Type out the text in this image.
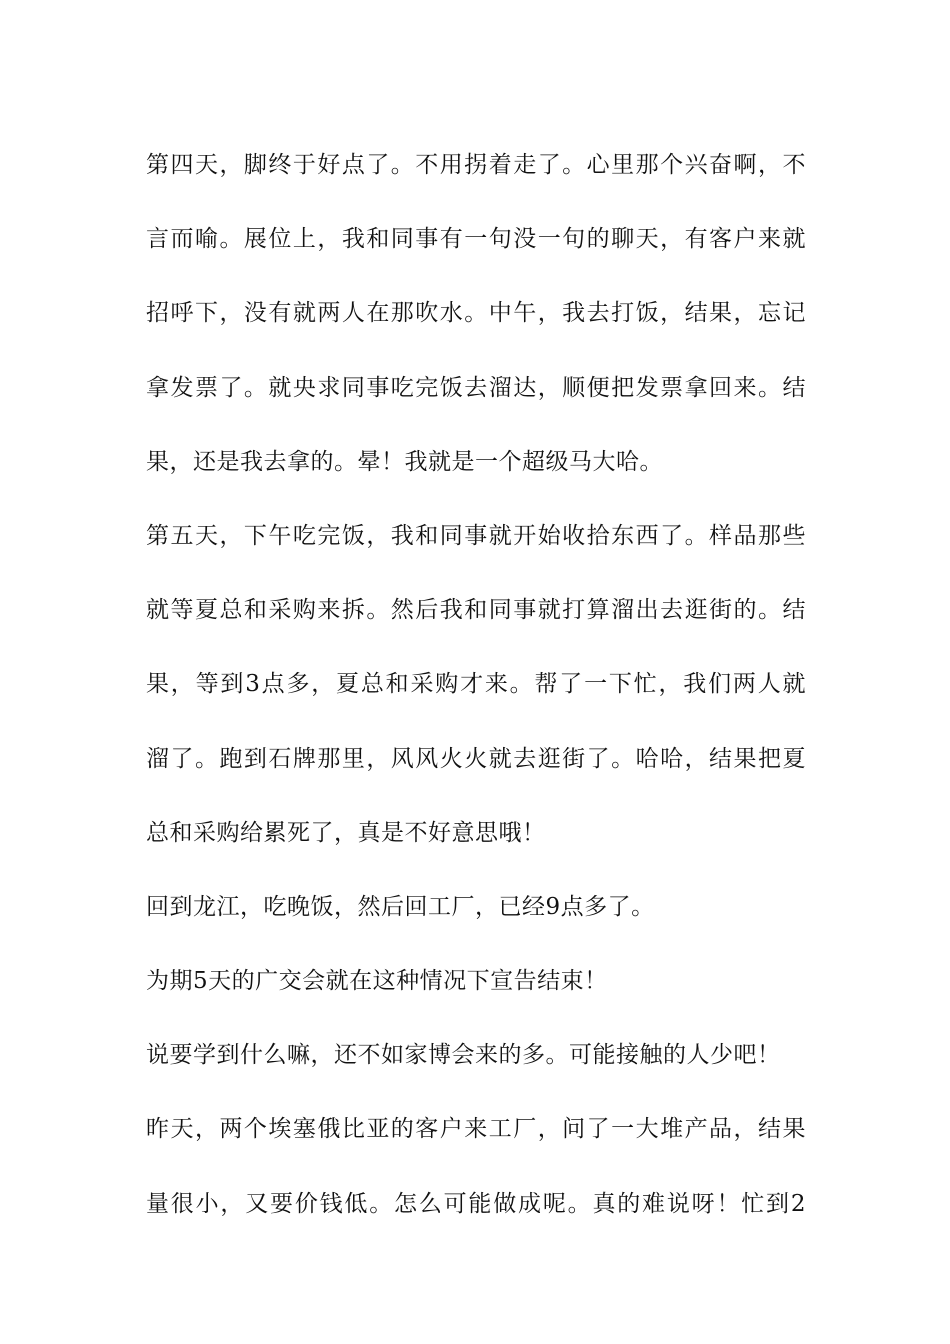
第四天，脚终于好点了。不用拐着走了。心里那个兴奋啊，不
言而喻。展位上，我和同事有一句没一句的聊天，有客户来就
招呼下，没有就两人在那吹水。中午，我去打饭，结果，忘记
拿发票了。就央求同事吃完饭去溜达，顺便把发票拿回来。结
果，还是我去拿的。晕！我就是一个超级马大哈。
第五天，下午吃完饭，我和同事就开始收拾东西了。样品那些
就等夏总和采购来拆。然后我和同事就打算溜出去逛街的。结
果，等到3点多，夏总和采购才来。帮了一下忙，我们两人就
溜了。跑到石牌那里，风风火火就去逛街了。哈哈，结果把夏
总和采购给累死了，真是不好意思哦！
回到龙江，吃晚饭，然后回工厂，已经9点多了。
为期5天的广交会就在这种情况下宣告结束！
说要学到什么嘛，还不如家博会来的多。可能接触的人少吧！
昨天，两个埃塞俄比亚的客户来工厂，问了一大堆产品，结果
量很小，又要价钱低。怎么可能做成呢。真的难说呀！忙到2
